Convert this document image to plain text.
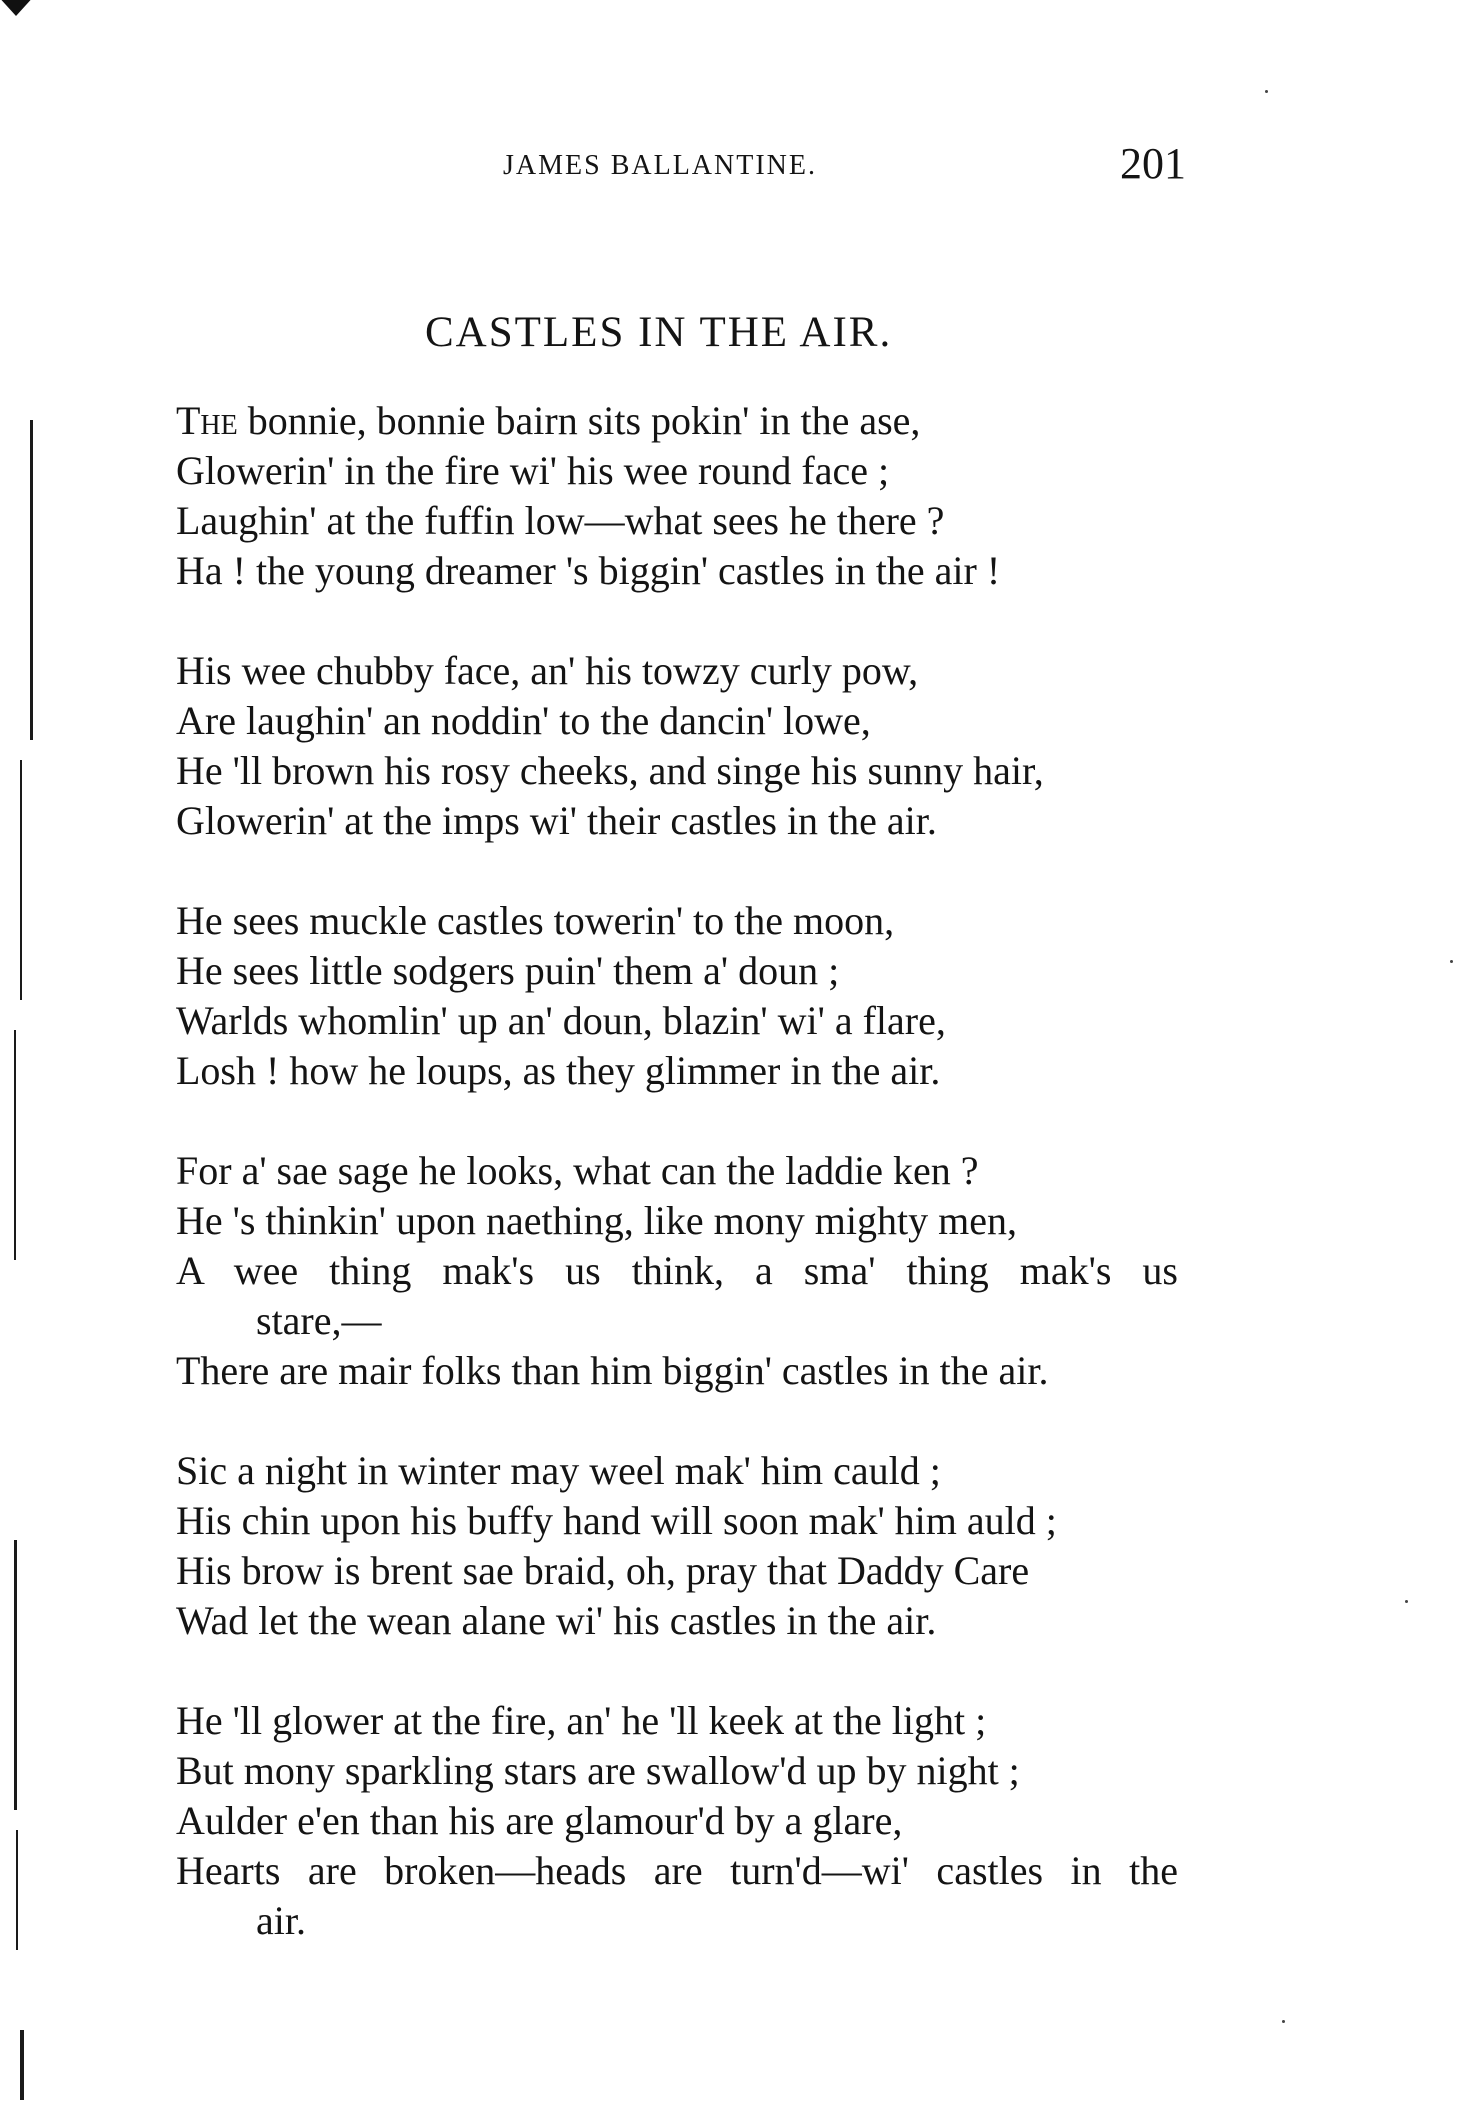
JAMES BALLANTINE.	201
CASTLES IN THE AIR.
The bonnie, bonnie bairn sits pokin' in the ase,
Glowerin' in the fire wi' his wee round face ;
Laughin' at the fuffin low—what sees he there ?
Ha ! the young dreamer 's biggin' castles in the air !
His wee chubby face, an' his towzy curly pow,
Are laughin' an noddin' to the dancin' lowe,
He 'll brown his rosy cheeks, and singe his sunny hair,
Glowerin' at the imps wi' their castles in the air.
He sees muckle castles towerin' to the moon,
He sees little sodgers puin' them a' doun ;
Warlds whomlin' up an' doun, blazin' wi' a flare,
Losh ! how he loups, as they glimmer in the air.
For a' sae sage he looks, what can the laddie ken ?
He 's thinkin' upon naething, like mony mighty men,
A wee thing mak's us think, a sma' thing mak's us
stare,—
There are mair folks than him biggin' castles in the air.
Sic a night in winter may weel mak' him cauld ;
His chin upon his buffy hand will soon mak' him auld ;
His brow is brent sae braid, oh, pray that Daddy Care
Wad let the wean alane wi' his castles in the air.
He 'll glower at the fire, an' he 'll keek at the light ;
But mony sparkling stars are swallow'd up by night ;
Aulder e'en than his are glamour'd by a glare,
Hearts are broken—heads are turn'd—wi' castles in the
air.
